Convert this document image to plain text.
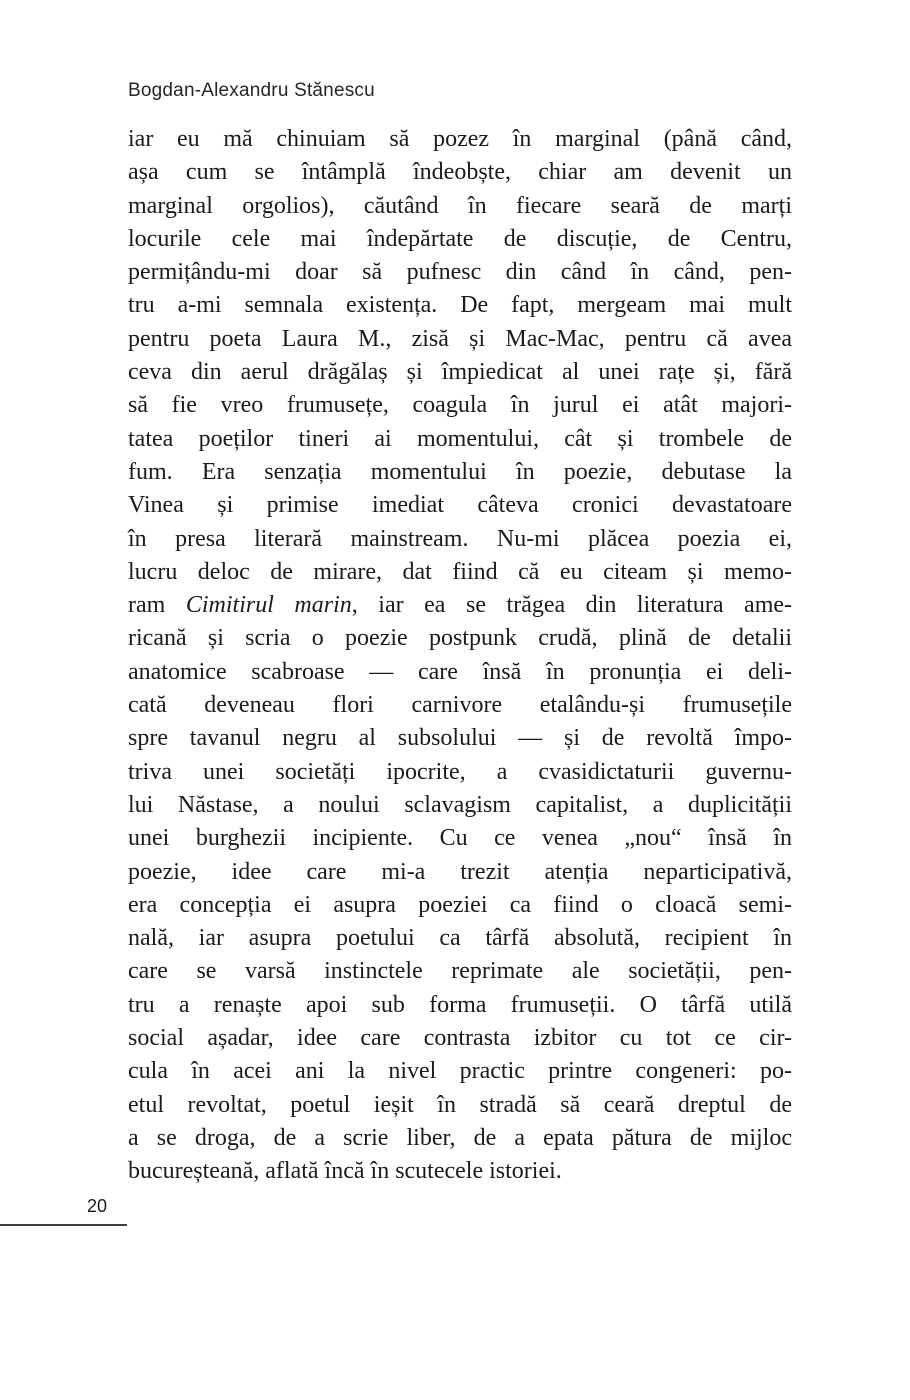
Bogdan-Alexandru Stănescu
iar eu mă chinuiam să pozez în marginal (până când,
așa cum se întâmplă îndeobște, chiar am devenit un
marginal orgolios), căutând în fiecare seară de marți
locurile cele mai îndepărtate de discuție, de Centru,
permițându-mi doar să pufnesc din când în când, pen-
tru a-mi semnala existența. De fapt, mergeam mai mult
pentru poeta Laura M., zisă și Mac-Mac, pentru că avea
ceva din aerul drăgălaș și împiedicat al unei rațe și, fără
să fie vreo frumusețe, coagula în jurul ei atât majori-
tatea poeților tineri ai momentului, cât și trombele de
fum. Era senzația momentului în poezie, debutase la
Vinea și primise imediat câteva cronici devastatoare
în presa literară mainstream. Nu-mi plăcea poezia ei,
lucru deloc de mirare, dat fiind că eu citeam și memo-
ram Cimitirul marin, iar ea se trăgea din literatura ame-
ricană și scria o poezie postpunk crudă, plină de detalii
anatomice scabroase — care însă în pronunția ei deli-
cată deveneau flori carnivore etalându-și frumusețile
spre tavanul negru al subsolului — și de revoltă împo-
triva unei societăți ipocrite, a cvasidictaturii guvernu-
lui Năstase, a noului sclavagism capitalist, a duplicității
unei burghezii incipiente. Cu ce venea „nou“ însă în
poezie, idee care mi-a trezit atenția neparticipativă,
era concepția ei asupra poeziei ca fiind o cloacă semi-
nală, iar asupra poetului ca târfă absolută, recipient în
care se varsă instinctele reprimate ale societății, pen-
tru a renaște apoi sub forma frumuseții. O târfă utilă
social așadar, idee care contrasta izbitor cu tot ce cir-
cula în acei ani la nivel practic printre congeneri: po-
etul revoltat, poetul ieșit în stradă să ceară dreptul de
a se droga, de a scrie liber, de a epata pătura de mijloc
bucureșteană, aflată încă în scutecele istoriei.
20
